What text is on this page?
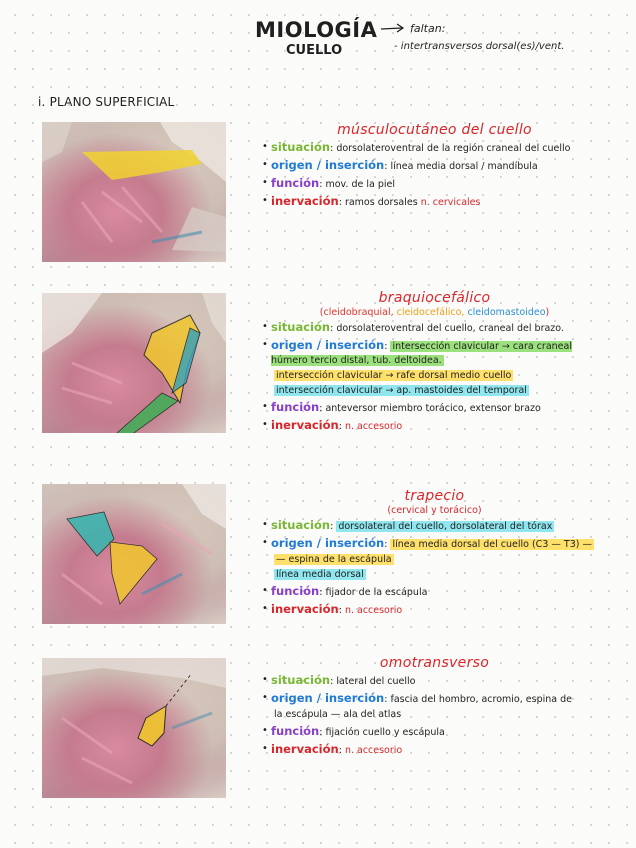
MIOLOGÍA
CUELLO
faltan:
- intertransversos dorsal(es)/vent.
i. PLANO SUPERFICIAL
músculocutáneo del cuello
• situación: dorsolateroventral de la región craneal del cuello
• origen / inserción: línea media dorsal / mandíbula
• función: mov. de la piel
• inervación: ramos dorsales n. cervicales
braquiocefálico
(cleidobraquial, cleidocefálico, cleidomastoideo)
• situación: dorsolateroventral del cuello, craneal del brazo.
• origen / inserción: intersección clavicular → cara craneal húmero tercio distal, tub. deltoidea.
intersección clavicular → rafe dorsal medio cuello
intersección clavicular → ap. mastoides del temporal
• función: anteversor miembro torácico, extensor brazo
• inervación: n. accesorio
trapecio
(cervical y torácico)
• situación: dorsolateral del cuello, dorsolateral del tórax
• origen / inserción: línea media dorsal del cuello (C3 — T3) —
— espina de la escápula
línea media dorsal
• función: fijador de la escápula
• inervación: n. accesorio
omotransverso
• situación: lateral del cuello
• origen / inserción: fascia del hombro, acromio, espina de
la escápula — ala del atlas
• función: fijación cuello y escápula
• inervación: n. accesorio
